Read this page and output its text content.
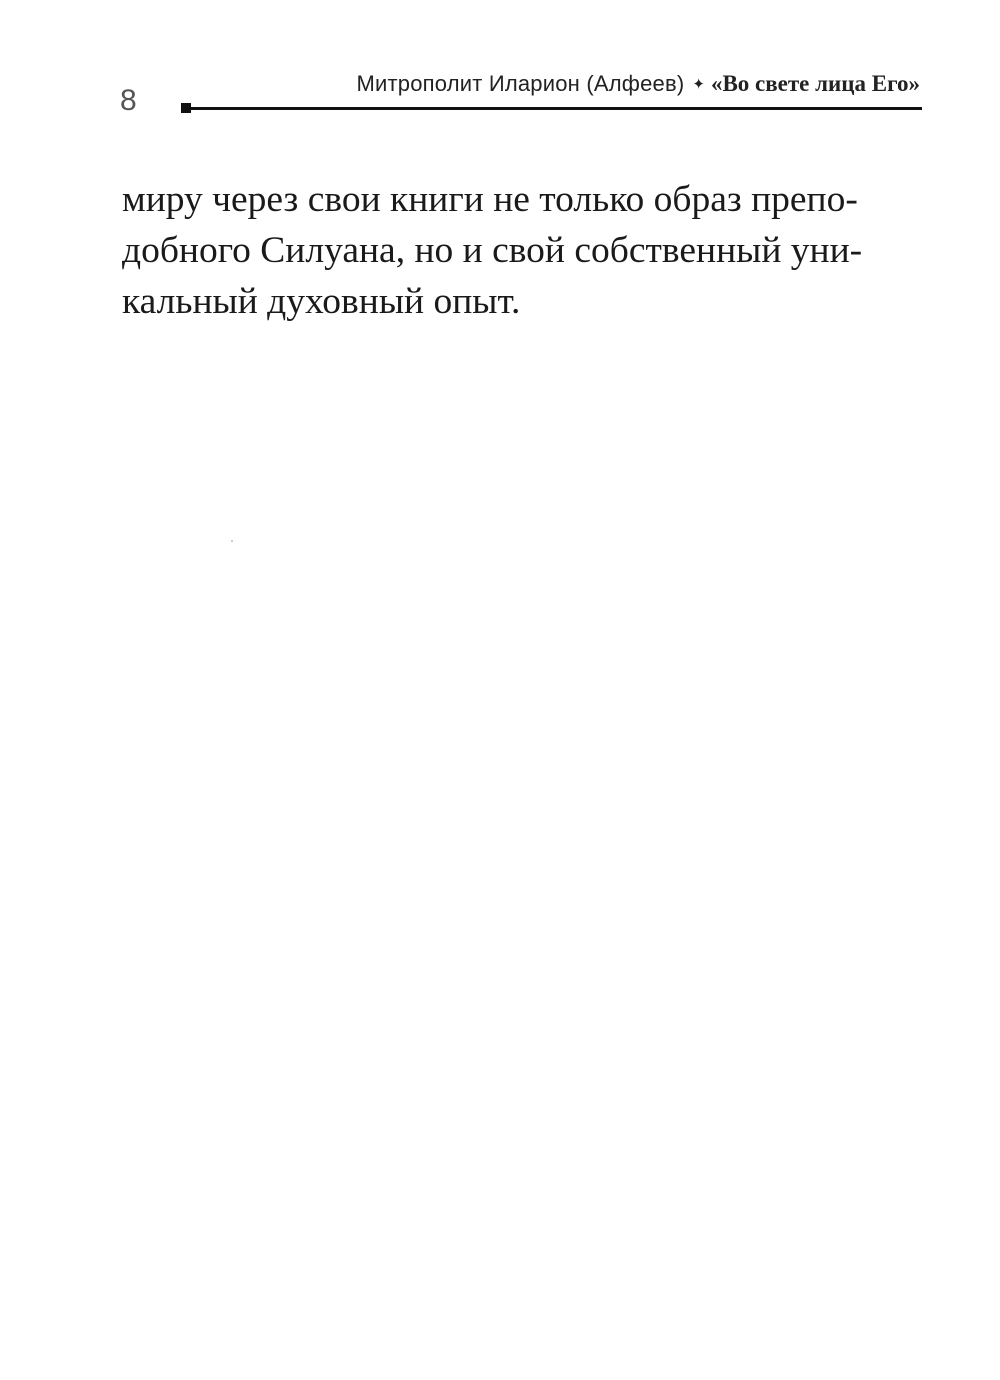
8
Митрополит Иларион (Алфеев) ✦ «Во свете лица Его»

миру через свои книги не только образ препо-
добного Силуана, но и свой собственный уни-
кальный духовный опыт.
